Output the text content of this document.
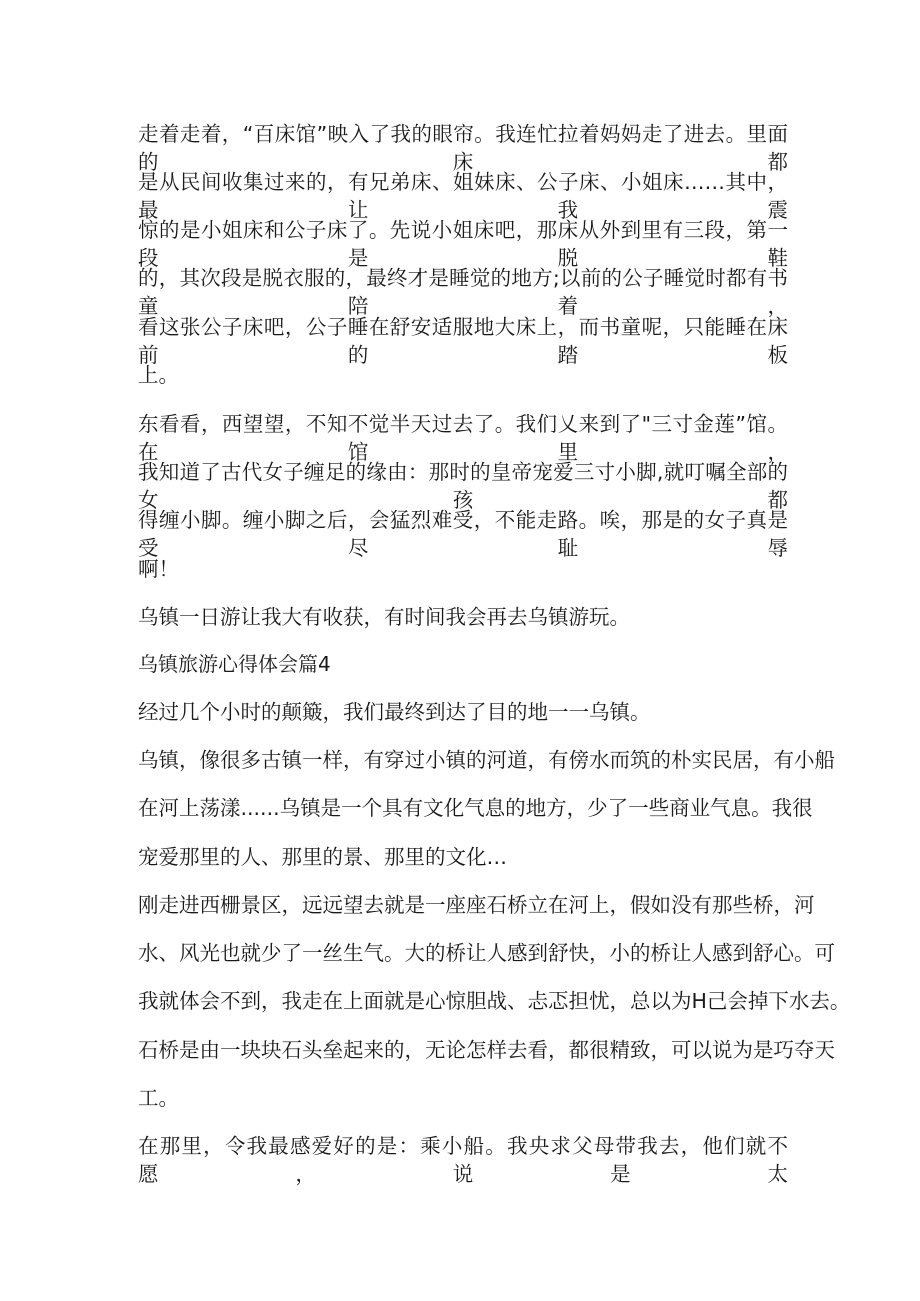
走着走着，“百床馆”映入了我的眼帘。我连忙拉着妈妈走了进去。里面的床都
是从民间收集过来的，有兄弟床、姐妹床、公子床、小姐床……其中，最让我震
惊的是小姐床和公子床了。先说小姐床吧，那床从外到里有三段，第一段是脱鞋
的，其次段是脱衣服的，最终才是睡觉的地方;以前的公子睡觉时都有书童陪着，
看这张公子床吧，公子睡在舒安适服地大床上，而书童呢，只能睡在床前的踏板
上。
东看看，西望望，不知不觉半天过去了。我们乂来到了"三寸金莲”馆。在馆里，
我知道了古代女子缠足的缘由：那时的皇帝宠爱三寸小脚,就叮嘱全部的女孩都
得缠小脚。缠小脚之后，会猛烈难受，不能走路。唉，那是的女子真是受尽耻辱
啊！
乌镇一日游让我大有收获，有时间我会再去乌镇游玩。
乌镇旅游心得体会篇4
经过几个小时的颠簸，我们最终到达了目的地一一乌镇。
乌镇，像很多古镇一样，有穿过小镇的河道，有傍水而筑的朴实民居，有小船
在河上荡漾......乌镇是一个具有文化气息的地方，少了一些商业气息。我很
宠爱那里的人、那里的景、那里的文化…
刚走进西栅景区，远远望去就是一座座石桥立在河上，假如没有那些桥，河
水、风光也就少了一丝生气。大的桥让人感到舒快，小的桥让人感到舒心。可
我就体会不到，我走在上面就是心惊胆战、忐忑担忧，总以为H己会掉下水去。
石桥是由一块块石头垒起来的，无论怎样去看，都很精致，可以说为是巧夺天
工。
在那里，令我最感爱好的是：乘小船。我央求父母带我去，他们就不愿，说是太
